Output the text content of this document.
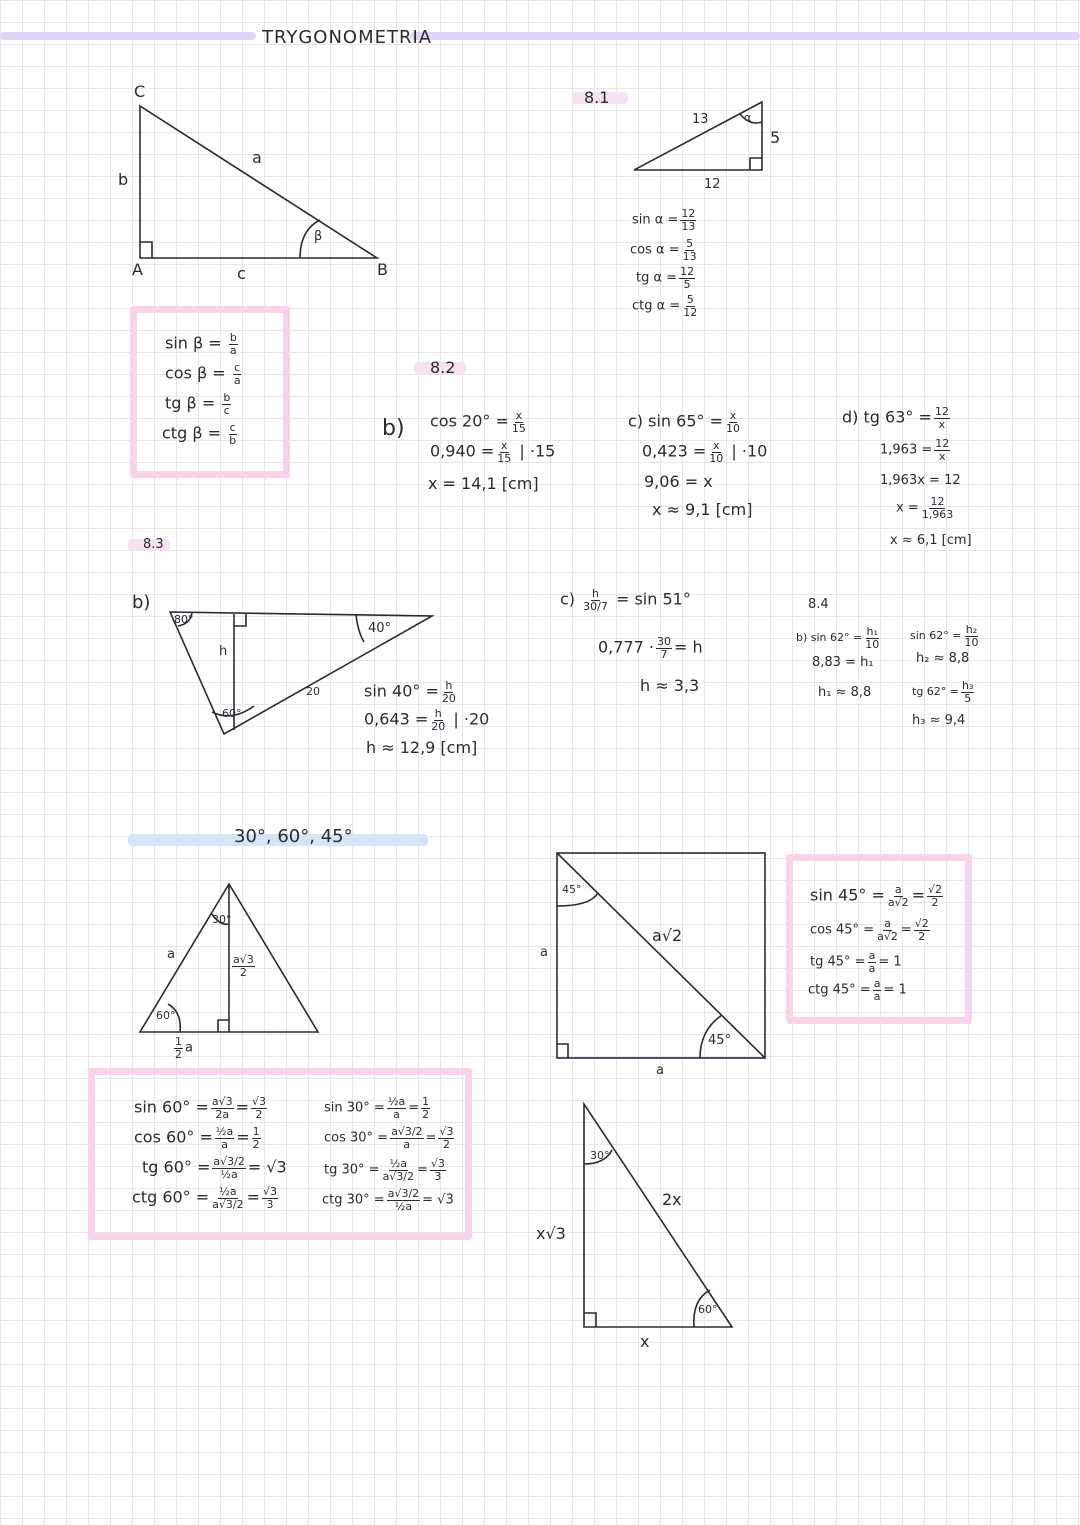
TRYGONOMETRIA
C
A	B
b
a
c
β
$\sin \beta = \frac{b}{a}$
$\cos \beta = \frac{c}{a}$
tg $\beta = \frac{b}{c}$
ctg $\beta = \frac{c}{b}$
8.1
13
5
12
α
$\sin \alpha = \frac{12}{13}$
$\cos \alpha = \frac{5}{13}$
tg $\alpha = \frac{12}{5}$
ctg $\alpha = \frac{5}{12}$
8.2
b) $\cos 20^\circ = \frac{x}{15}$
$0,940 = \frac{x}{15}$ | ·15
x = 14,1 [cm]
c) $\sin 65^\circ = \frac{x}{10}$
$0,423 = \frac{x}{10}$ | ·10
9,06 = x
x ≈ 9,1 [cm]
d) tg $63^\circ = \frac{12}{x}$
$1,963 = \frac{12}{x}$
1,963x = 12
$x = \frac{12}{1,963}$
x ≈ 6,1 [cm]
8.3
b)
80°
40°
60°
h
20	$\sin 40^\circ = \frac{h}{20}$
$0,643 = \frac{h}{20}$ | ·20
h ≈ 12,9 [cm]
$c) \frac{h}{30/7} = \sin 51^\circ$
$0,777 \cdot \frac{30}{7} = h$
h ≈ 3,3
8.4
b) $\sin 62^\circ = \frac{\text{h₁}}{10}$
8,83 = h₁
h₁ ≈ 8,8
$\sin 62^\circ = \frac{\text{h₂}}{10}$
h₂ ≈ 8,8
tg $62^\circ = \frac{\text{h₃}}{5}$
h₃ ≈ 9,4
30°, 60°, 45°
a
30°
60°
$\frac{a√3}{2}$
$\frac{1}{2}$ a
$\sin 60^\circ = \frac{a√3}{2a} = \frac{√3}{2}$
$\cos 60^\circ = \frac{\text{½a}}{a} = \frac{1}{2}$
tg $60^\circ = \frac{a√3/2}{\text{½a}} = √3$
ctg $60^\circ = \frac{\text{½a}}{a√3/2} = \frac{√3}{3}$
$\sin 30^\circ = \frac{\text{½a}}{a} = \frac{1}{2}$
$\cos 30^\circ = \frac{a√3/2}{a} = \frac{√3}{2}$
tg $30^\circ = \frac{\text{½a}}{a√3/2} = \frac{√3}{3}$
ctg $30^\circ = \frac{a√3/2}{\text{½a}} = √3$
45°
a√2
a
45°
a
$\sin 45^\circ = \frac{a}{a√2} = \frac{√2}{2}$
$\cos 45^\circ = \frac{a}{a√2} = \frac{√2}{2}$
tg $45^\circ = \frac{a}{a} = 1$
ctg $45^\circ = \frac{a}{a} = 1$
30°
2x
x√3
60°
x
